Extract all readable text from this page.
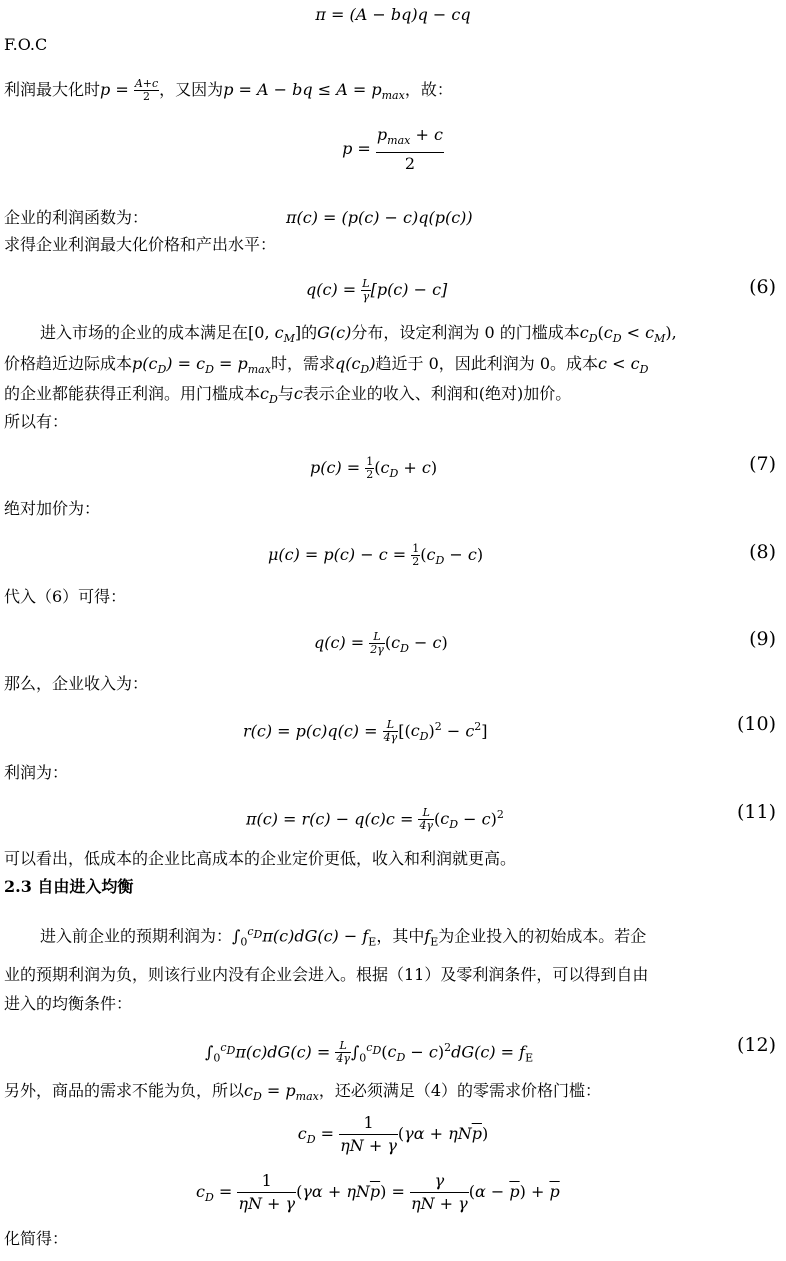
π = (A − bq)q − cq
F.O.C
利润最大化时$p = \frac{A+c}{2}$ ，又因为p = A − bq ≤ $A = p_{max}$，故：
$p = \frac{p_{max} + c}{2}$
企业的利润函数为：	π(c) = (p(c) − c)q(p(c))
求得企业利润最大化价格和产出水平：
$q(c) = \frac{L}{\gamma} [p(c) - c]$	(6)
进入市场的企业的成本满足在[0, $c_M$]的G(c)分布，设定利润为 0 的门槛成本$c_D(c_D < c_M)$,
价格趋近边际成本$p(c_D) = c_D = p_{max}$时，需求$q(c_D)$趋近于 0，因此利润为 0。成本$c < c_D$
的企业都能获得正利润。用门槛成本$c_D$与c表示企业的收入、利润和(绝对)加价。
所以有：
$p(c) = \frac{1}{2} (c_D + c)$	(7)
绝对加价为：
$\mu(c) = p(c) - c = \frac{1}{2} (c_D - c)$	(8)
代入（6）可得：
$q(c) = \frac{L}{2\gamma} (c_D - c)$	(9)
那么，企业收入为：
$r(c) = p(c)q(c) = \frac{L}{4\gamma} [(c_D)^2 - c^2]$	(10)
利润为：
$\pi(c) = r(c) - q(c)c = \frac{L}{4\gamma} (c_D - c)^2$	(11)
可以看出，低成本的企业比高成本的企业定价更低，收入和利润就更高。
2.3 自由进入均衡
进入前企业的预期利润为：$\int_0^{c_D}\pi(c)dG(c) - f_E$，其中$f_E$为企业投入的初始成本。若企
业的预期利润为负，则该行业内没有企业会进入。根据（11）及零利润条件，可以得到自由
进入的均衡条件：
$\int_0^{c_D}\pi(c)dG(c) = \frac{L}{4\gamma} \int_0^{c_D}(c_D - c)^2dG(c) = f_E$
(12)
另外，商品的需求不能为负，所以$c_D = p_{max}$，还必须满足（4）的零需求价格门槛：
$c_D = \frac{1}{\eta N + \gamma} (\gamma\alpha + \eta N\overline{p})$
$c_D = \frac{1}{\eta N + \gamma} (\gamma\alpha + \eta N\overline{p}) = \frac{\gamma}{\eta N + \gamma} (\alpha - \overline{p}) + \overline{p}$
化简得：
